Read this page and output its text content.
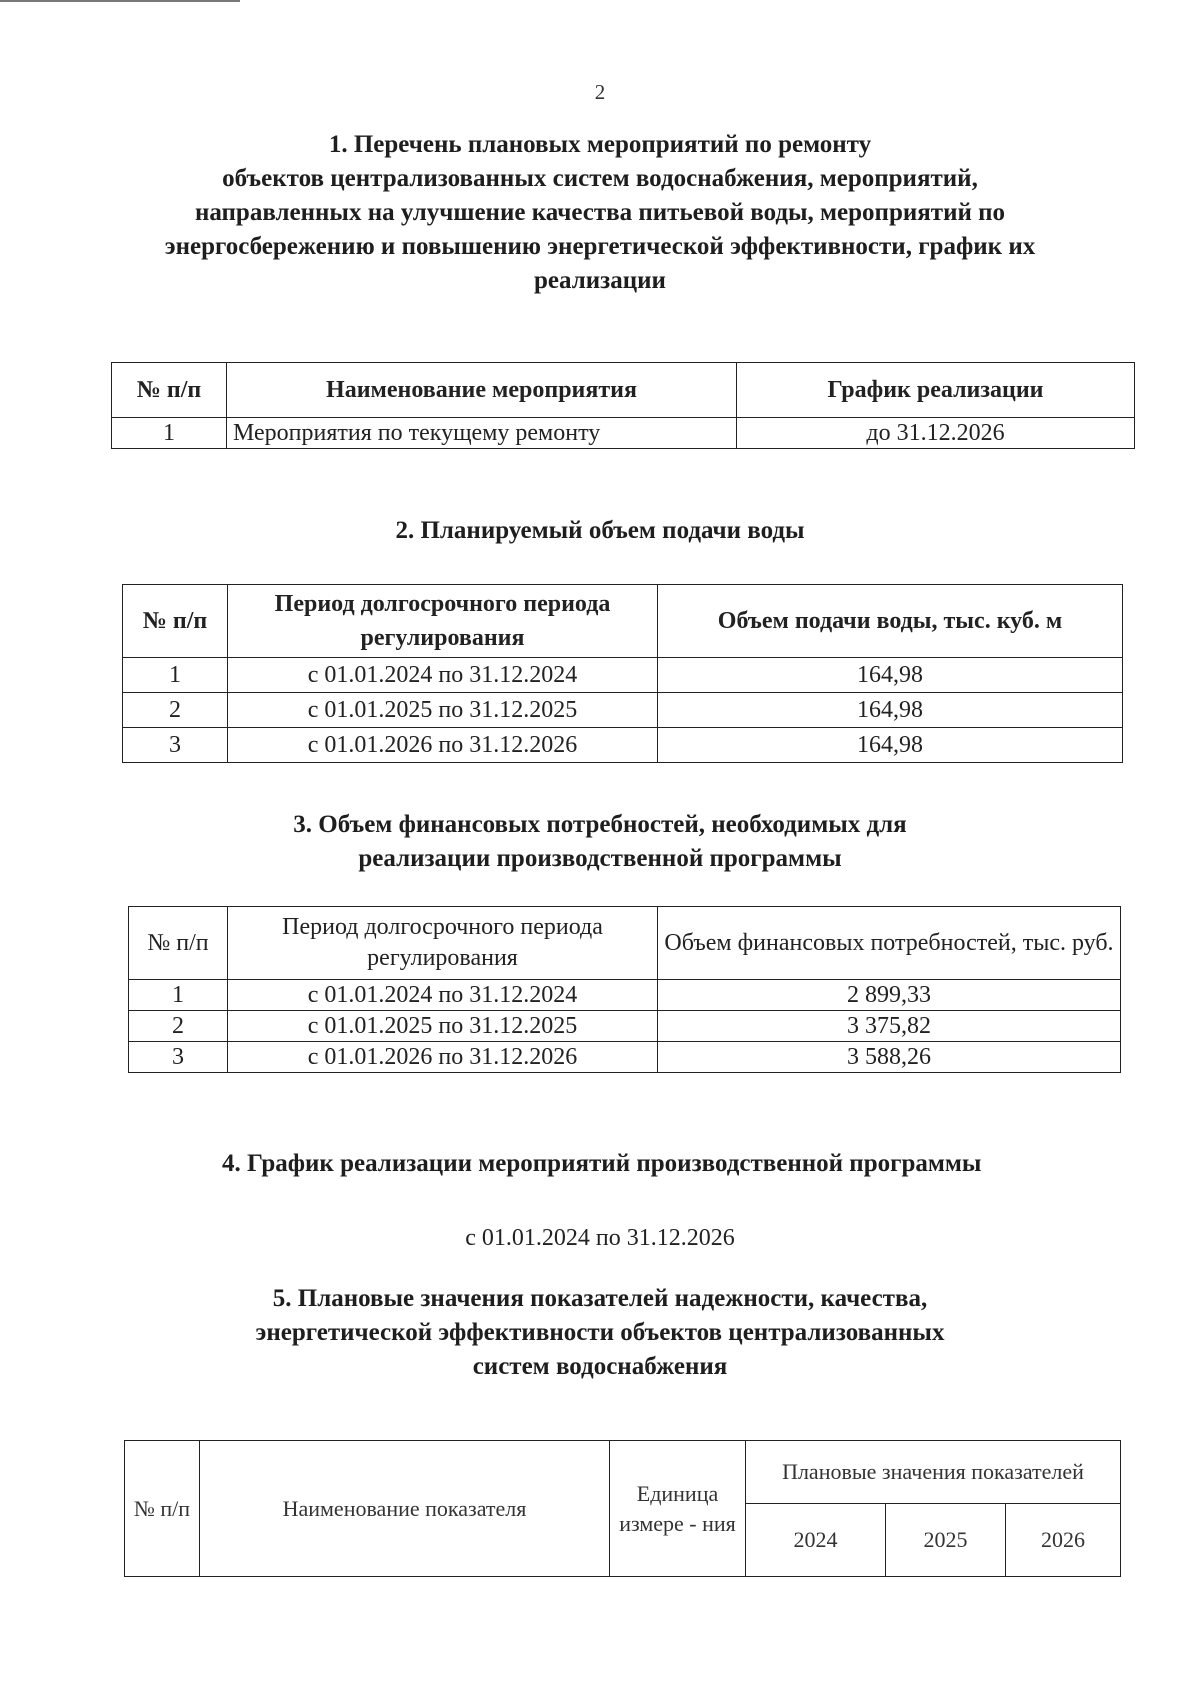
2
1. Перечень плановых мероприятий по ремонту
объектов централизованных систем водоснабжения, мероприятий,
направленных на улучшение качества питьевой воды, мероприятий по
энергосбережению и повышению энергетической эффективности, график их
реализации
№ п/п	Наименование мероприятия	График реализации
1	Мероприятия по текущему ремонту	до 31.12.2026
2. Планируемый объем подачи воды
№ п/п	Период долгосрочного периода регулирования	Объем подачи воды, тыс. куб. м
1	с 01.01.2024 по 31.12.2024	164,98
2	с 01.01.2025 по 31.12.2025	164,98
3	с 01.01.2026 по 31.12.2026	164,98
3. Объем финансовых потребностей, необходимых для
реализации производственной программы
№ п/п	Период долгосрочного периода регулирования	Объем финансовых потребностей, тыс. руб.
1	с 01.01.2024 по 31.12.2024	2 899,33
2	с 01.01.2025 по 31.12.2025	3 375,82
3	с 01.01.2026 по 31.12.2026	3 588,26
4. График реализации мероприятий производственной программы
с 01.01.2024 по 31.12.2026
5. Плановые значения показателей надежности, качества,
энергетической эффективности объектов централизованных
систем водоснабжения
№ п/п	Наименование показателя	Единица измере - ния	Плановые значения показателей		
			2024	2025	2026
